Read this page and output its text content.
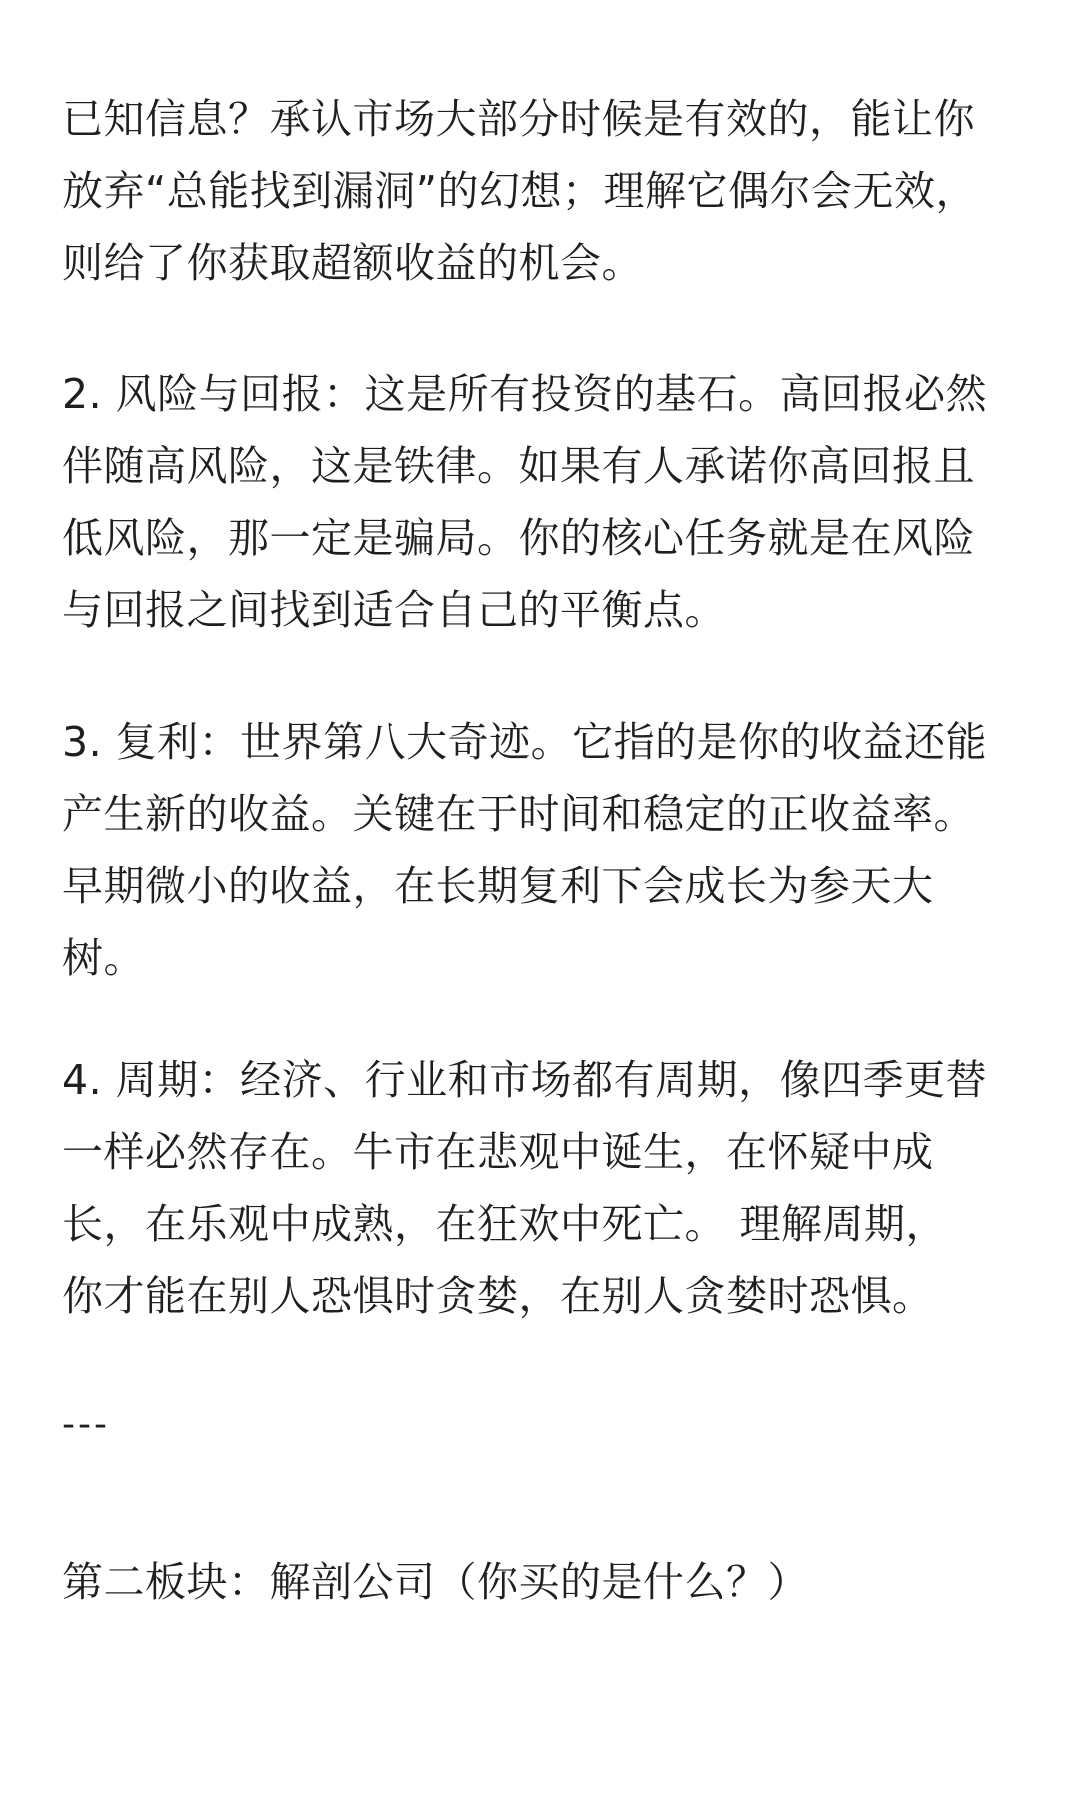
已知信息？承认市场大部分时候是有效的，能让你
放弃“总能找到漏洞”的幻想；理解它偶尔会无效，
则给了你获取超额收益的机会。

2. 风险与回报：这是所有投资的基石。高回报必然
伴随高风险，这是铁律。如果有人承诺你高回报且
低风险，那一定是骗局。你的核心任务就是在风险
与回报之间找到适合自己的平衡点。

3. 复利：世界第八大奇迹。它指的是你的收益还能
产生新的收益。关键在于时间和稳定的正收益率。
早期微小的收益，在长期复利下会成长为参天大
树。

4. 周期：经济、行业和市场都有周期，像四季更替
一样必然存在。牛市在悲观中诞生，在怀疑中成
长，在乐观中成熟，在狂欢中死亡。 理解周期，
你才能在别人恐惧时贪婪，在别人贪婪时恐惧。

---

第二板块：解剖公司（你买的是什么？）
